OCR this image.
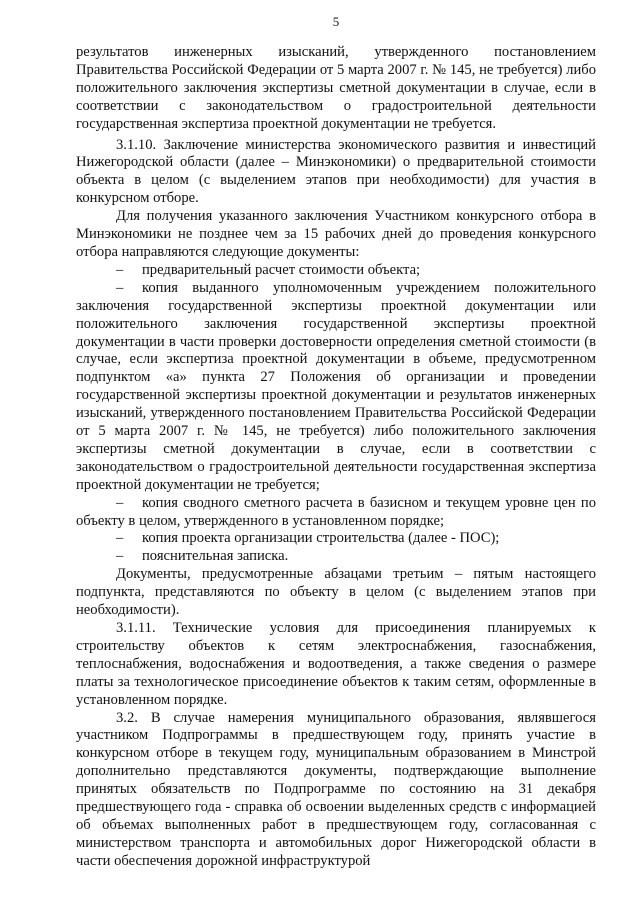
5

результатов инженерных изысканий, утвержденного постановлением Правительства Российской Федерации от 5 марта 2007 г. № 145, не требуется) либо положительного заключения экспертизы сметной документации в случае, если в соответствии с законодательством о градостроительной деятельности государственная экспертиза проектной документации не требуется.

3.1.10. Заключение министерства экономического развития и инвестиций Нижегородской области (далее – Минэкономики) о предварительной стоимости объекта в целом (с выделением этапов при необходимости) для участия в конкурсном отборе.

Для получения указанного заключения Участником конкурсного отбора в Минэкономики не позднее чем за 15 рабочих дней до проведения конкурсного отбора направляются следующие документы:

– предварительный расчет стоимости объекта;

– копия выданного уполномоченным учреждением положительного заключения государственной экспертизы проектной документации или положительного заключения государственной экспертизы проектной документации в части проверки достоверности определения сметной стоимости (в случае, если экспертиза проектной документации в объеме, предусмотренном подпунктом «а» пункта 27 Положения об организации и проведении государственной экспертизы проектной документации и результатов инженерных изысканий, утвержденного постановлением Правительства Российской Федерации от 5 марта 2007 г. № 145, не требуется) либо положительного заключения экспертизы сметной документации в случае, если в соответствии с законодательством о градостроительной деятельности государственная экспертиза проектной документации не требуется;

– копия сводного сметного расчета в базисном и текущем уровне цен по объекту в целом, утвержденного в установленном порядке;

– копия проекта организации строительства (далее - ПОС);

– пояснительная записка.

Документы, предусмотренные абзацами третьим – пятым настоящего подпункта, представляются по объекту в целом (с выделением этапов при необходимости).

3.1.11. Технические условия для присоединения планируемых к строительству объектов к сетям электроснабжения, газоснабжения, теплоснабжения, водоснабжения и водоотведения, а также сведения о размере платы за технологическое присоединение объектов к таким сетям, оформленные в установленном порядке.

3.2. В случае намерения муниципального образования, являвшегося участником Подпрограммы в предшествующем году, принять участие в конкурсном отборе в текущем году, муниципальным образованием в Минстрой дополнительно представляются документы, подтверждающие выполнение принятых обязательств по Подпрограмме по состоянию на 31 декабря предшествующего года - справка об освоении выделенных средств с информацией об объемах выполненных работ в предшествующем году, согласованная с министерством транспорта и автомобильных дорог Нижегородской области в части обеспечения дорожной инфраструктурой
